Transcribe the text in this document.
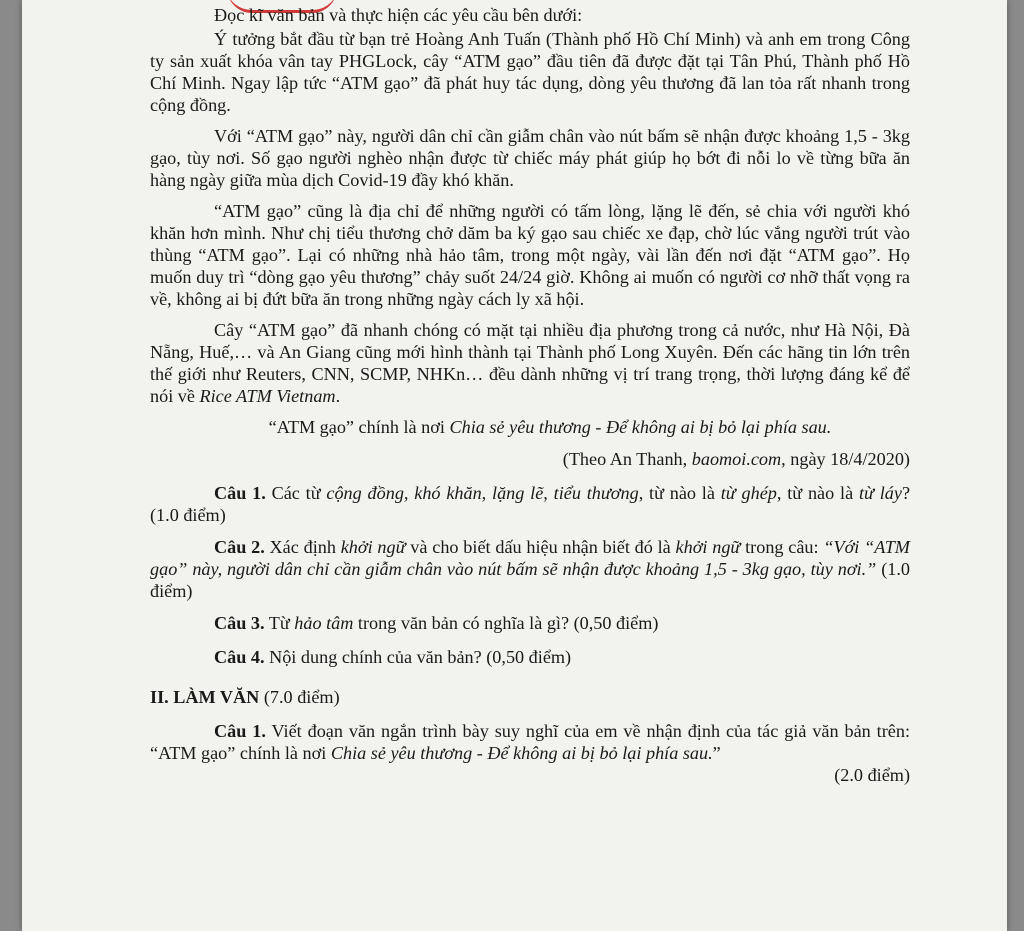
Đọc kĩ văn bản và thực hiện các yêu cầu bên dưới:

Ý tưởng bắt đầu từ bạn trẻ Hoàng Anh Tuấn (Thành phố Hồ Chí Minh) và anh em trong Công ty sản xuất khóa vân tay PHGLock, cây “ATM gạo” đầu tiên đã được đặt tại Tân Phú, Thành phố Hồ Chí Minh. Ngay lập tức “ATM gạo” đã phát huy tác dụng, dòng yêu thương đã lan tỏa rất nhanh trong cộng đồng.

Với “ATM gạo” này, người dân chỉ cần giẫm chân vào nút bấm sẽ nhận được khoảng 1,5 - 3kg gạo, tùy nơi. Số gạo người nghèo nhận được từ chiếc máy phát giúp họ bớt đi nỗi lo về từng bữa ăn hàng ngày giữa mùa dịch Covid-19 đầy khó khăn.

“ATM gạo” cũng là địa chỉ để những người có tấm lòng, lặng lẽ đến, sẻ chia với người khó khăn hơn mình. Như chị tiểu thương chở dăm ba ký gạo sau chiếc xe đạp, chờ lúc vắng người trút vào thùng “ATM gạo”. Lại có những nhà hảo tâm, trong một ngày, vài lần đến nơi đặt “ATM gạo”. Họ muốn duy trì “dòng gạo yêu thương” chảy suốt 24/24 giờ. Không ai muốn có người cơ nhỡ thất vọng ra về, không ai bị đứt bữa ăn trong những ngày cách ly xã hội.

Cây “ATM gạo” đã nhanh chóng có mặt tại nhiều địa phương trong cả nước, như Hà Nội, Đà Nẵng, Huế,… và An Giang cũng mới hình thành tại Thành phố Long Xuyên. Đến các hãng tin lớn trên thế giới như Reuters, CNN, SCMP, NHKn… đều dành những vị trí trang trọng, thời lượng đáng kể để nói về Rice ATM Vietnam.

“ATM gạo” chính là nơi Chia sẻ yêu thương - Để không ai bị bỏ lại phía sau.

(Theo An Thanh, baomoi.com, ngày 18/4/2020)

Câu 1. Các từ cộng đồng, khó khăn, lặng lẽ, tiểu thương, từ nào là từ ghép, từ nào là từ láy? (1.0 điểm)

Câu 2. Xác định khởi ngữ và cho biết dấu hiệu nhận biết đó là khởi ngữ trong câu: “Với “ATM gạo” này, người dân chỉ cần giẫm chân vào nút bấm sẽ nhận được khoảng 1,5 - 3kg gạo, tùy nơi.” (1.0 điểm)

Câu 3. Từ hảo tâm trong văn bản có nghĩa là gì? (0,50 điểm)

Câu 4. Nội dung chính của văn bản? (0,50 điểm)

II. LÀM VĂN (7.0 điểm)

Câu 1. Viết đoạn văn ngắn trình bày suy nghĩ của em về nhận định của tác giả văn bản trên: “ATM gạo” chính là nơi Chia sẻ yêu thương - Để không ai bị bỏ lại phía sau.”

(2.0 điểm)
